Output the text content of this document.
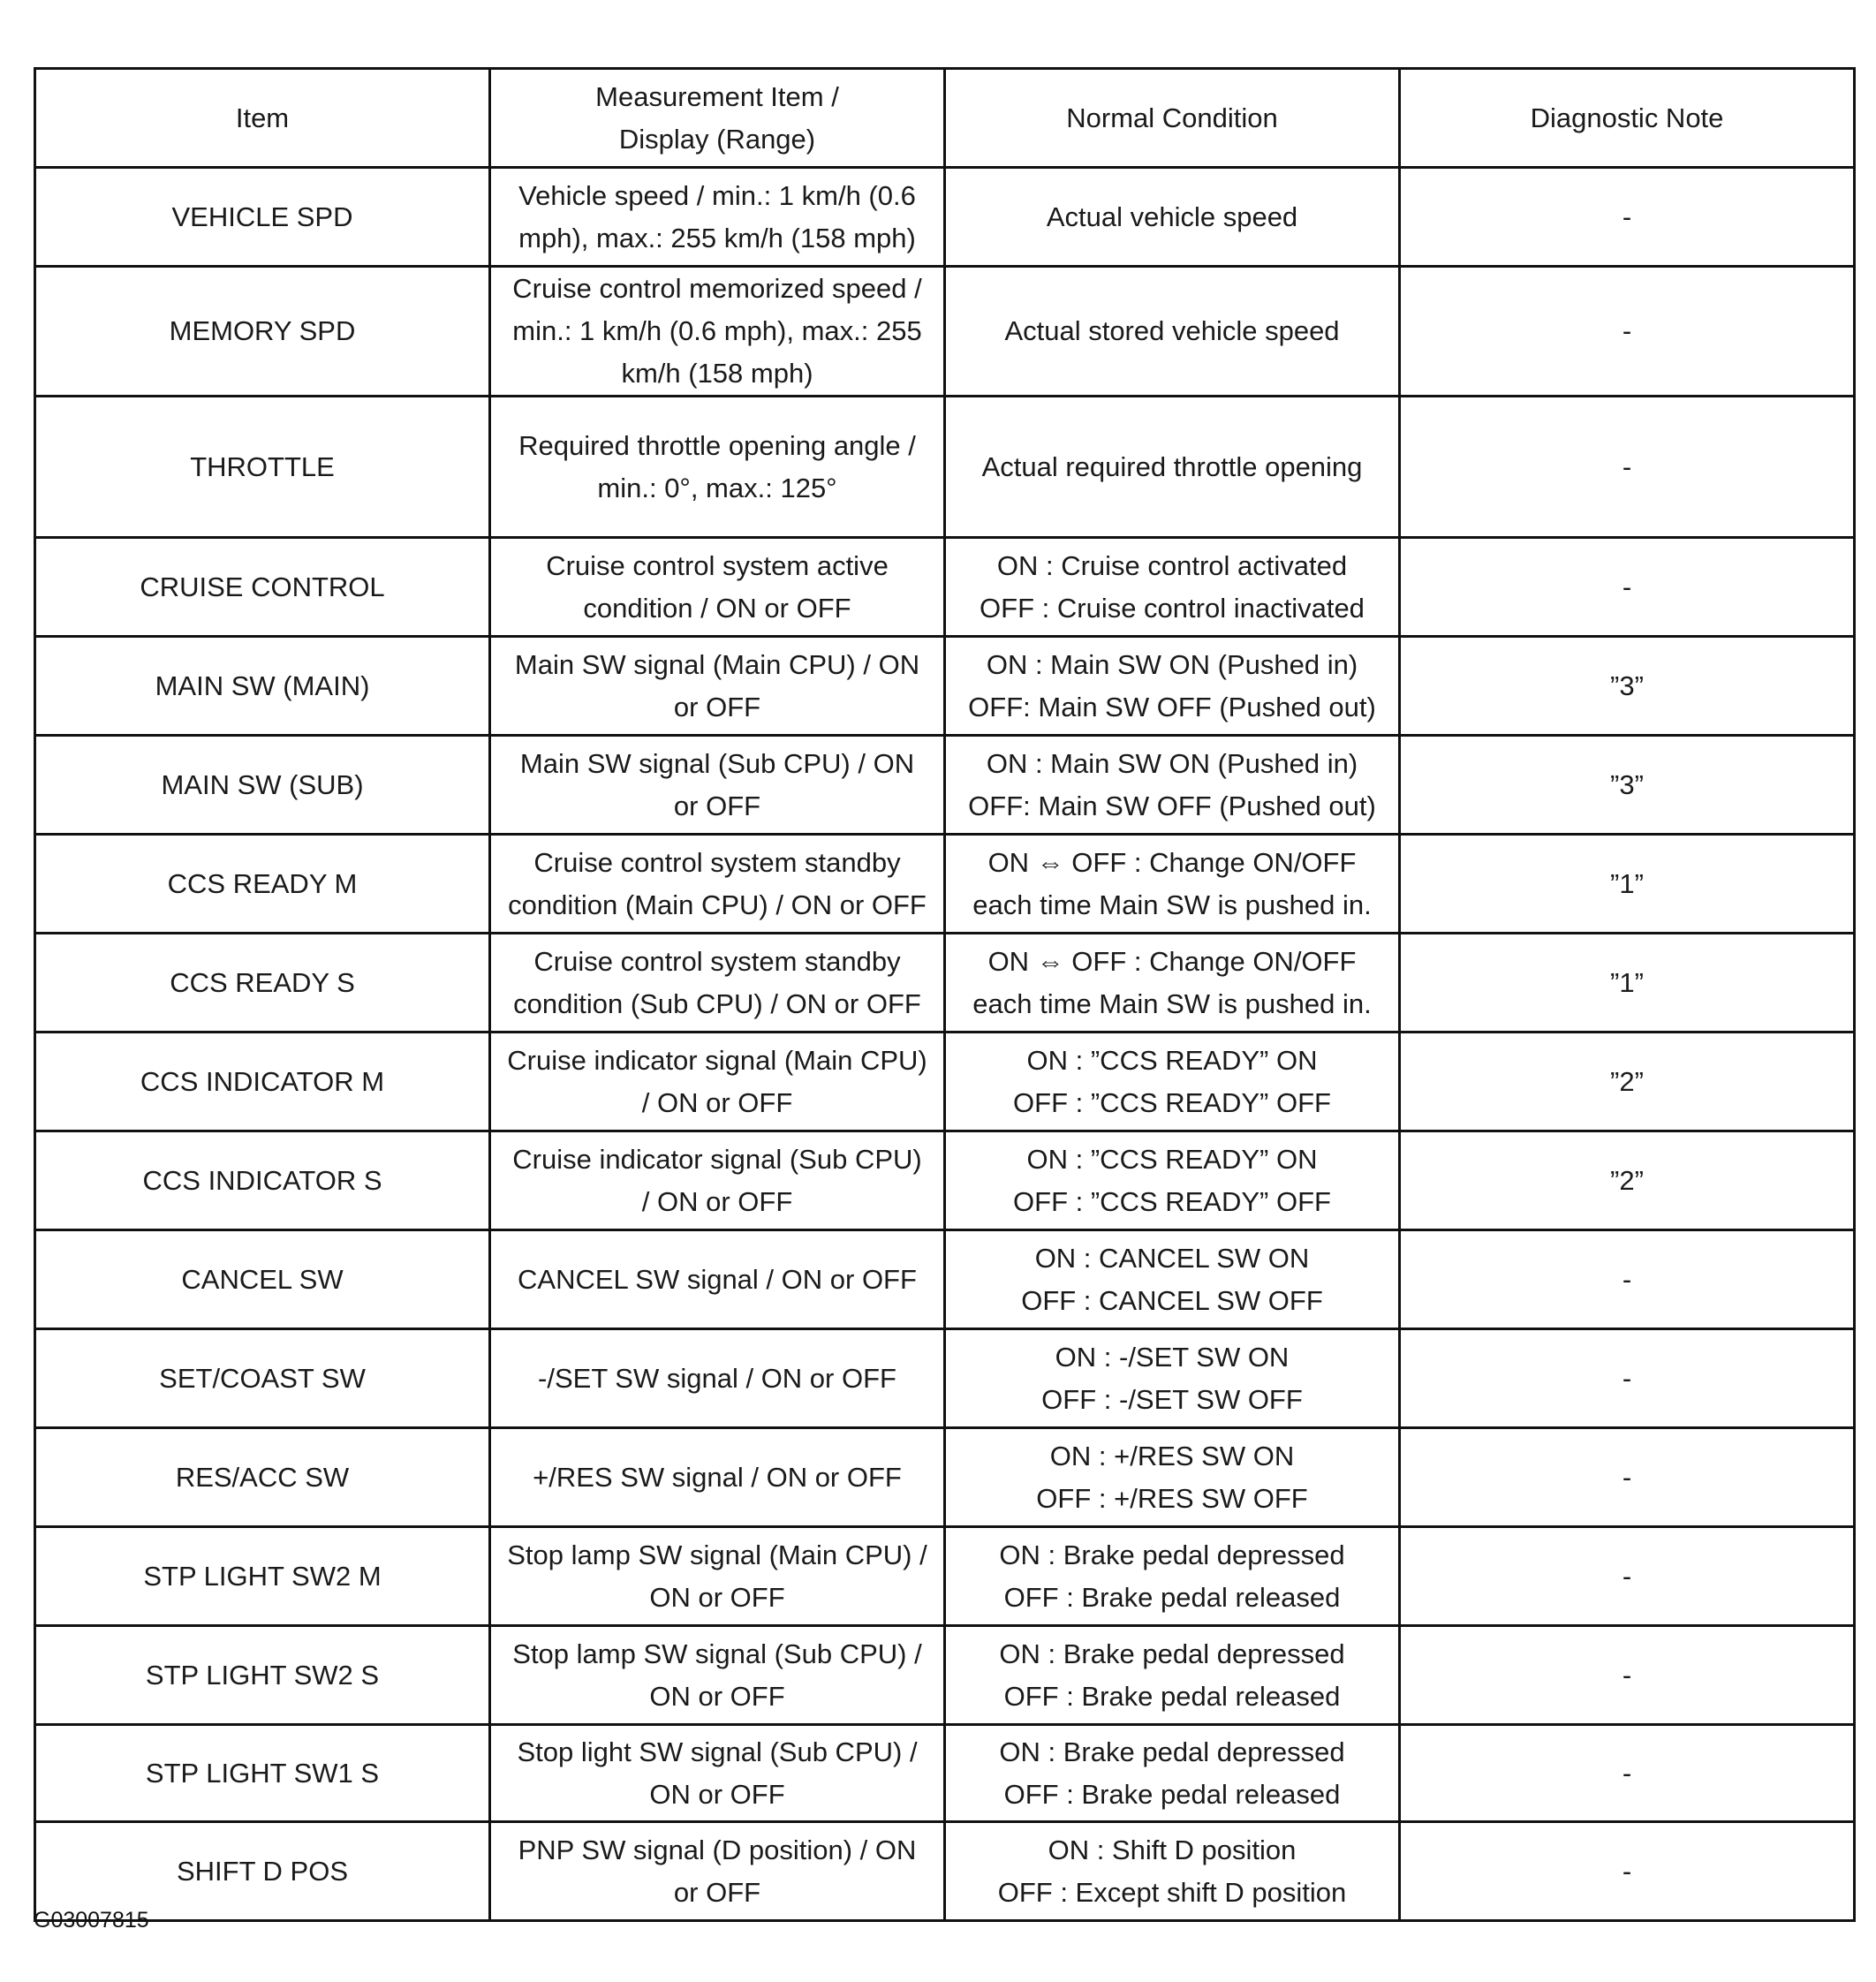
Item	Measurement Item /
Display (Range)	Normal Condition	Diagnostic Note

VEHICLE SPD	Vehicle speed / min.: 1 km/h (0.6
mph), max.: 255 km/h (158 mph)	Actual vehicle speed	-

MEMORY SPD	Cruise control memorized speed /
min.: 1 km/h (0.6 mph), max.: 255
km/h (158 mph)	Actual stored vehicle speed	-

THROTTLE	Required throttle opening angle /
min.: 0°, max.: 125°	Actual required throttle opening	-

CRUISE CONTROL	Cruise control system active
condition / ON or OFF	ON : Cruise control activated
OFF : Cruise control inactivated	-

MAIN SW (MAIN)	Main SW signal (Main CPU) / ON
or OFF	ON : Main SW ON (Pushed in)
OFF: Main SW OFF (Pushed out)	”3”

MAIN SW (SUB)	Main SW signal (Sub CPU) / ON
or OFF	ON : Main SW ON (Pushed in)
OFF: Main SW OFF (Pushed out)	”3”

CCS READY M	Cruise control system standby
condition (Main CPU) / ON or OFF	ON ⇔ OFF : Change ON/OFF
each time Main SW is pushed in.	”1”

CCS READY S	Cruise control system standby
condition (Sub CPU) / ON or OFF	ON ⇔ OFF : Change ON/OFF
each time Main SW is pushed in.	”1”

CCS INDICATOR M	Cruise indicator signal (Main CPU)
/ ON or OFF	ON : ”CCS READY” ON
OFF : ”CCS READY” OFF	”2”

CCS INDICATOR S	Cruise indicator signal (Sub CPU)
/ ON or OFF	ON : ”CCS READY” ON
OFF : ”CCS READY” OFF	”2”

CANCEL SW	CANCEL SW signal / ON or OFF	ON : CANCEL SW ON
OFF : CANCEL SW OFF	-

SET/COAST SW	-/SET SW signal / ON or OFF	ON : -/SET SW ON
OFF : -/SET SW OFF	-

RES/ACC SW	+/RES SW signal / ON or OFF	ON : +/RES SW ON
OFF : +/RES SW OFF	-

STP LIGHT SW2 M	Stop lamp SW signal (Main CPU) /
ON or OFF	ON : Brake pedal depressed
OFF : Brake pedal released	-

STP LIGHT SW2 S	Stop lamp SW signal (Sub CPU) /
ON or OFF	ON : Brake pedal depressed
OFF : Brake pedal released	-

STP LIGHT SW1 S	Stop light SW signal (Sub CPU) /
ON or OFF	ON : Brake pedal depressed
OFF : Brake pedal released	-

SHIFT D POS	PNP SW signal (D position) / ON
or OFF	ON : Shift D position
OFF : Except shift D position	-
G03007815
